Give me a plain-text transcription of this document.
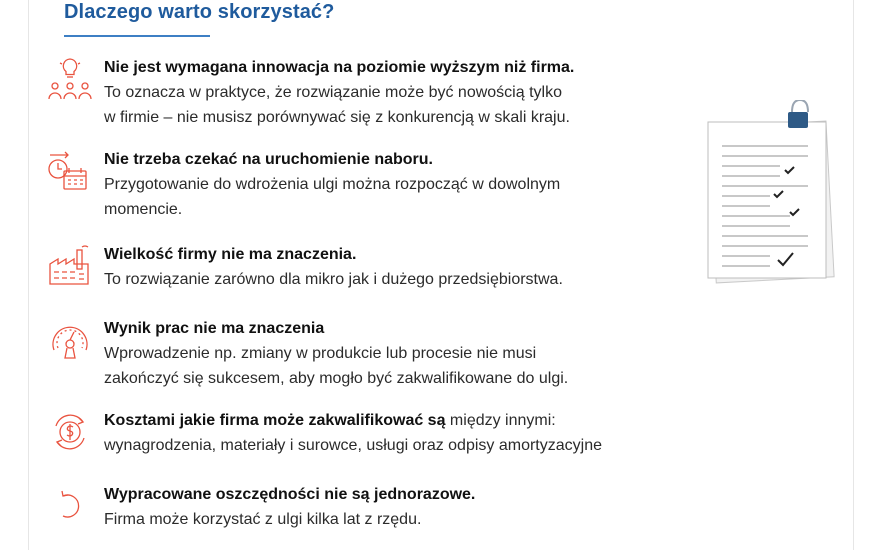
Dlaczego warto skorzystać?
Nie jest wymagana innowacja na poziomie wyższym niż firma.
To oznacza w praktyce, że rozwiązanie może być nowością tylko
w firmie – nie musisz porównywać się z konkurencją w skali kraju.
Nie trzeba czekać na uruchomienie naboru.
Przygotowanie do wdrożenia ulgi można rozpocząć w dowolnym
momencie.
Wielkość firmy nie ma znaczenia.
To rozwiązanie zarówno dla mikro jak i dużego przedsiębiorstwa.
Wynik prac nie ma znaczenia
Wprowadzenie np. zmiany w produkcie lub procesie nie musi
zakończyć się sukcesem, aby mogło być zakwalifikowane do ulgi.
Kosztami jakie firma może zakwalifikować są między innymi:
wynagrodzenia, materiały i surowce, usługi oraz odpisy amortyzacyjne
Wypracowane oszczędności nie są jednorazowe.
Firma może korzystać z ulgi kilka lat z rzędu.
